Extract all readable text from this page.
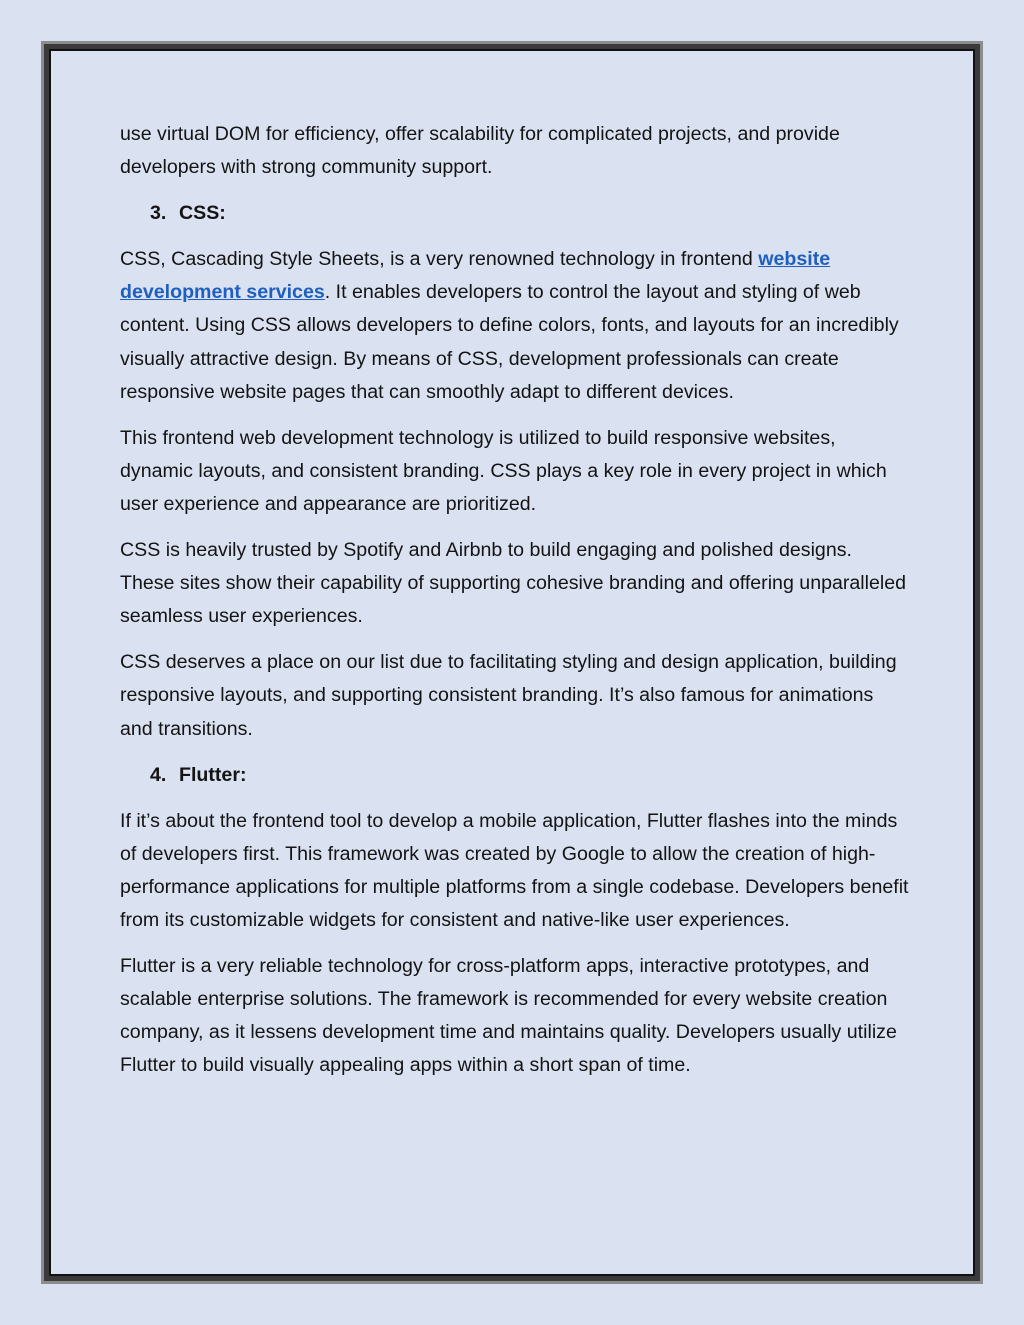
use virtual DOM for efficiency, offer scalability for complicated projects, and provide developers with strong community support.

3. CSS:

CSS, Cascading Style Sheets, is a very renowned technology in frontend website development services. It enables developers to control the layout and styling of web content. Using CSS allows developers to define colors, fonts, and layouts for an incredibly visually attractive design. By means of CSS, development professionals can create responsive website pages that can smoothly adapt to different devices.

This frontend web development technology is utilized to build responsive websites, dynamic layouts, and consistent branding. CSS plays a key role in every project in which user experience and appearance are prioritized.

CSS is heavily trusted by Spotify and Airbnb to build engaging and polished designs. These sites show their capability of supporting cohesive branding and offering unparalleled seamless user experiences.

CSS deserves a place on our list due to facilitating styling and design application, building responsive layouts, and supporting consistent branding. It’s also famous for animations and transitions.

4. Flutter:

If it’s about the frontend tool to develop a mobile application, Flutter flashes into the minds of developers first. This framework was created by Google to allow the creation of high-performance applications for multiple platforms from a single codebase. Developers benefit from its customizable widgets for consistent and native-like user experiences.

Flutter is a very reliable technology for cross-platform apps, interactive prototypes, and scalable enterprise solutions. The framework is recommended for every website creation company, as it lessens development time and maintains quality. Developers usually utilize Flutter to build visually appealing apps within a short span of time.
